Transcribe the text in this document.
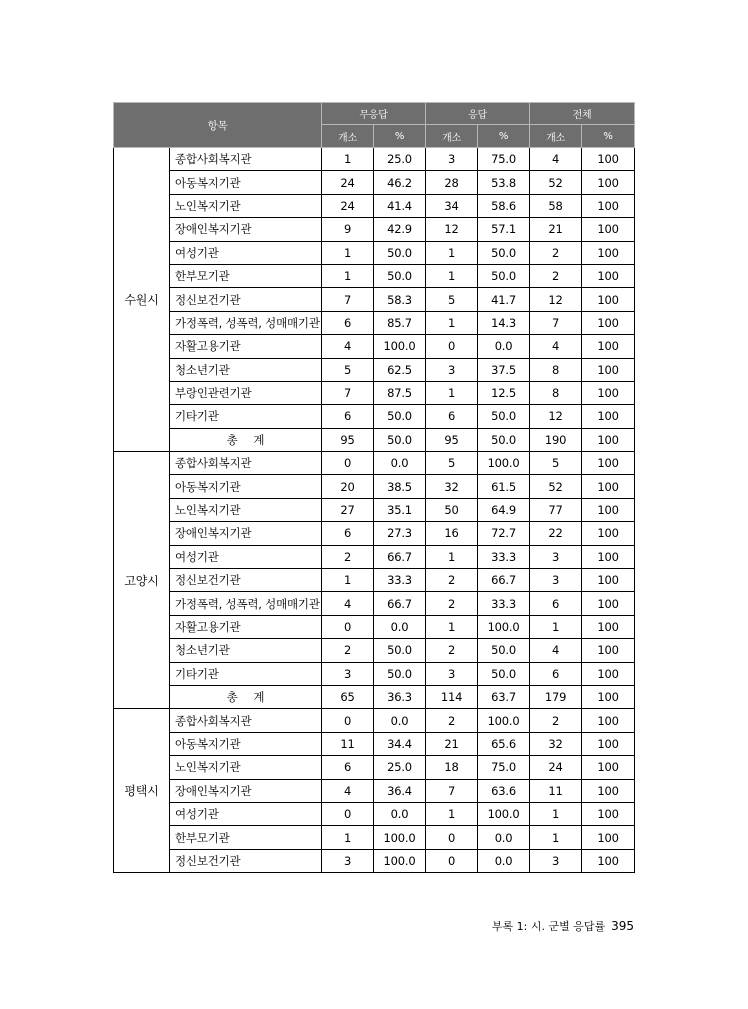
항목		무응답		응답		전체	
		개소	%	개소	%	개소	%
수원시	종합사회복지관	1	25.0	3	75.0	4	100
	아동복지기관	24	46.2	28	53.8	52	100
	노인복지기관	24	41.4	34	58.6	58	100
	장애인복지기관	9	42.9	12	57.1	21	100
	여성기관	1	50.0	1	50.0	2	100
	한부모기관	1	50.0	1	50.0	2	100
	정신보건기관	7	58.3	5	41.7	12	100
	가정폭력, 성폭력, 성매매기관	6	85.7	1	14.3	7	100
	자활고용기관	4	100.0	0	0.0	4	100
	청소년기관	5	62.5	3	37.5	8	100
	부랑인관련기관	7	87.5	1	12.5	8	100
	기타기관	6	50.0	6	50.0	12	100
	총 계	95	50.0	95	50.0	190	100
고양시	종합사회복지관	0	0.0	5	100.0	5	100
	아동복지기관	20	38.5	32	61.5	52	100
	노인복지기관	27	35.1	50	64.9	77	100
	장애인복지기관	6	27.3	16	72.7	22	100
	여성기관	2	66.7	1	33.3	3	100
	정신보건기관	1	33.3	2	66.7	3	100
	가정폭력, 성폭력, 성매매기관	4	66.7	2	33.3	6	100
	자활고용기관	0	0.0	1	100.0	1	100
	청소년기관	2	50.0	2	50.0	4	100
	기타기관	3	50.0	3	50.0	6	100
	총 계	65	36.3	114	63.7	179	100
평택시	종합사회복지관	0	0.0	2	100.0	2	100
	아동복지기관	11	34.4	21	65.6	32	100
	노인복지기관	6	25.0	18	75.0	24	100
	장애인복지기관	4	36.4	7	63.6	11	100
	여성기관	0	0.0	1	100.0	1	100
	한부모기관	1	100.0	0	0.0	1	100
	정신보건기관	3	100.0	0	0.0	3	100
부록 1: 시. 군별 응답률 395
